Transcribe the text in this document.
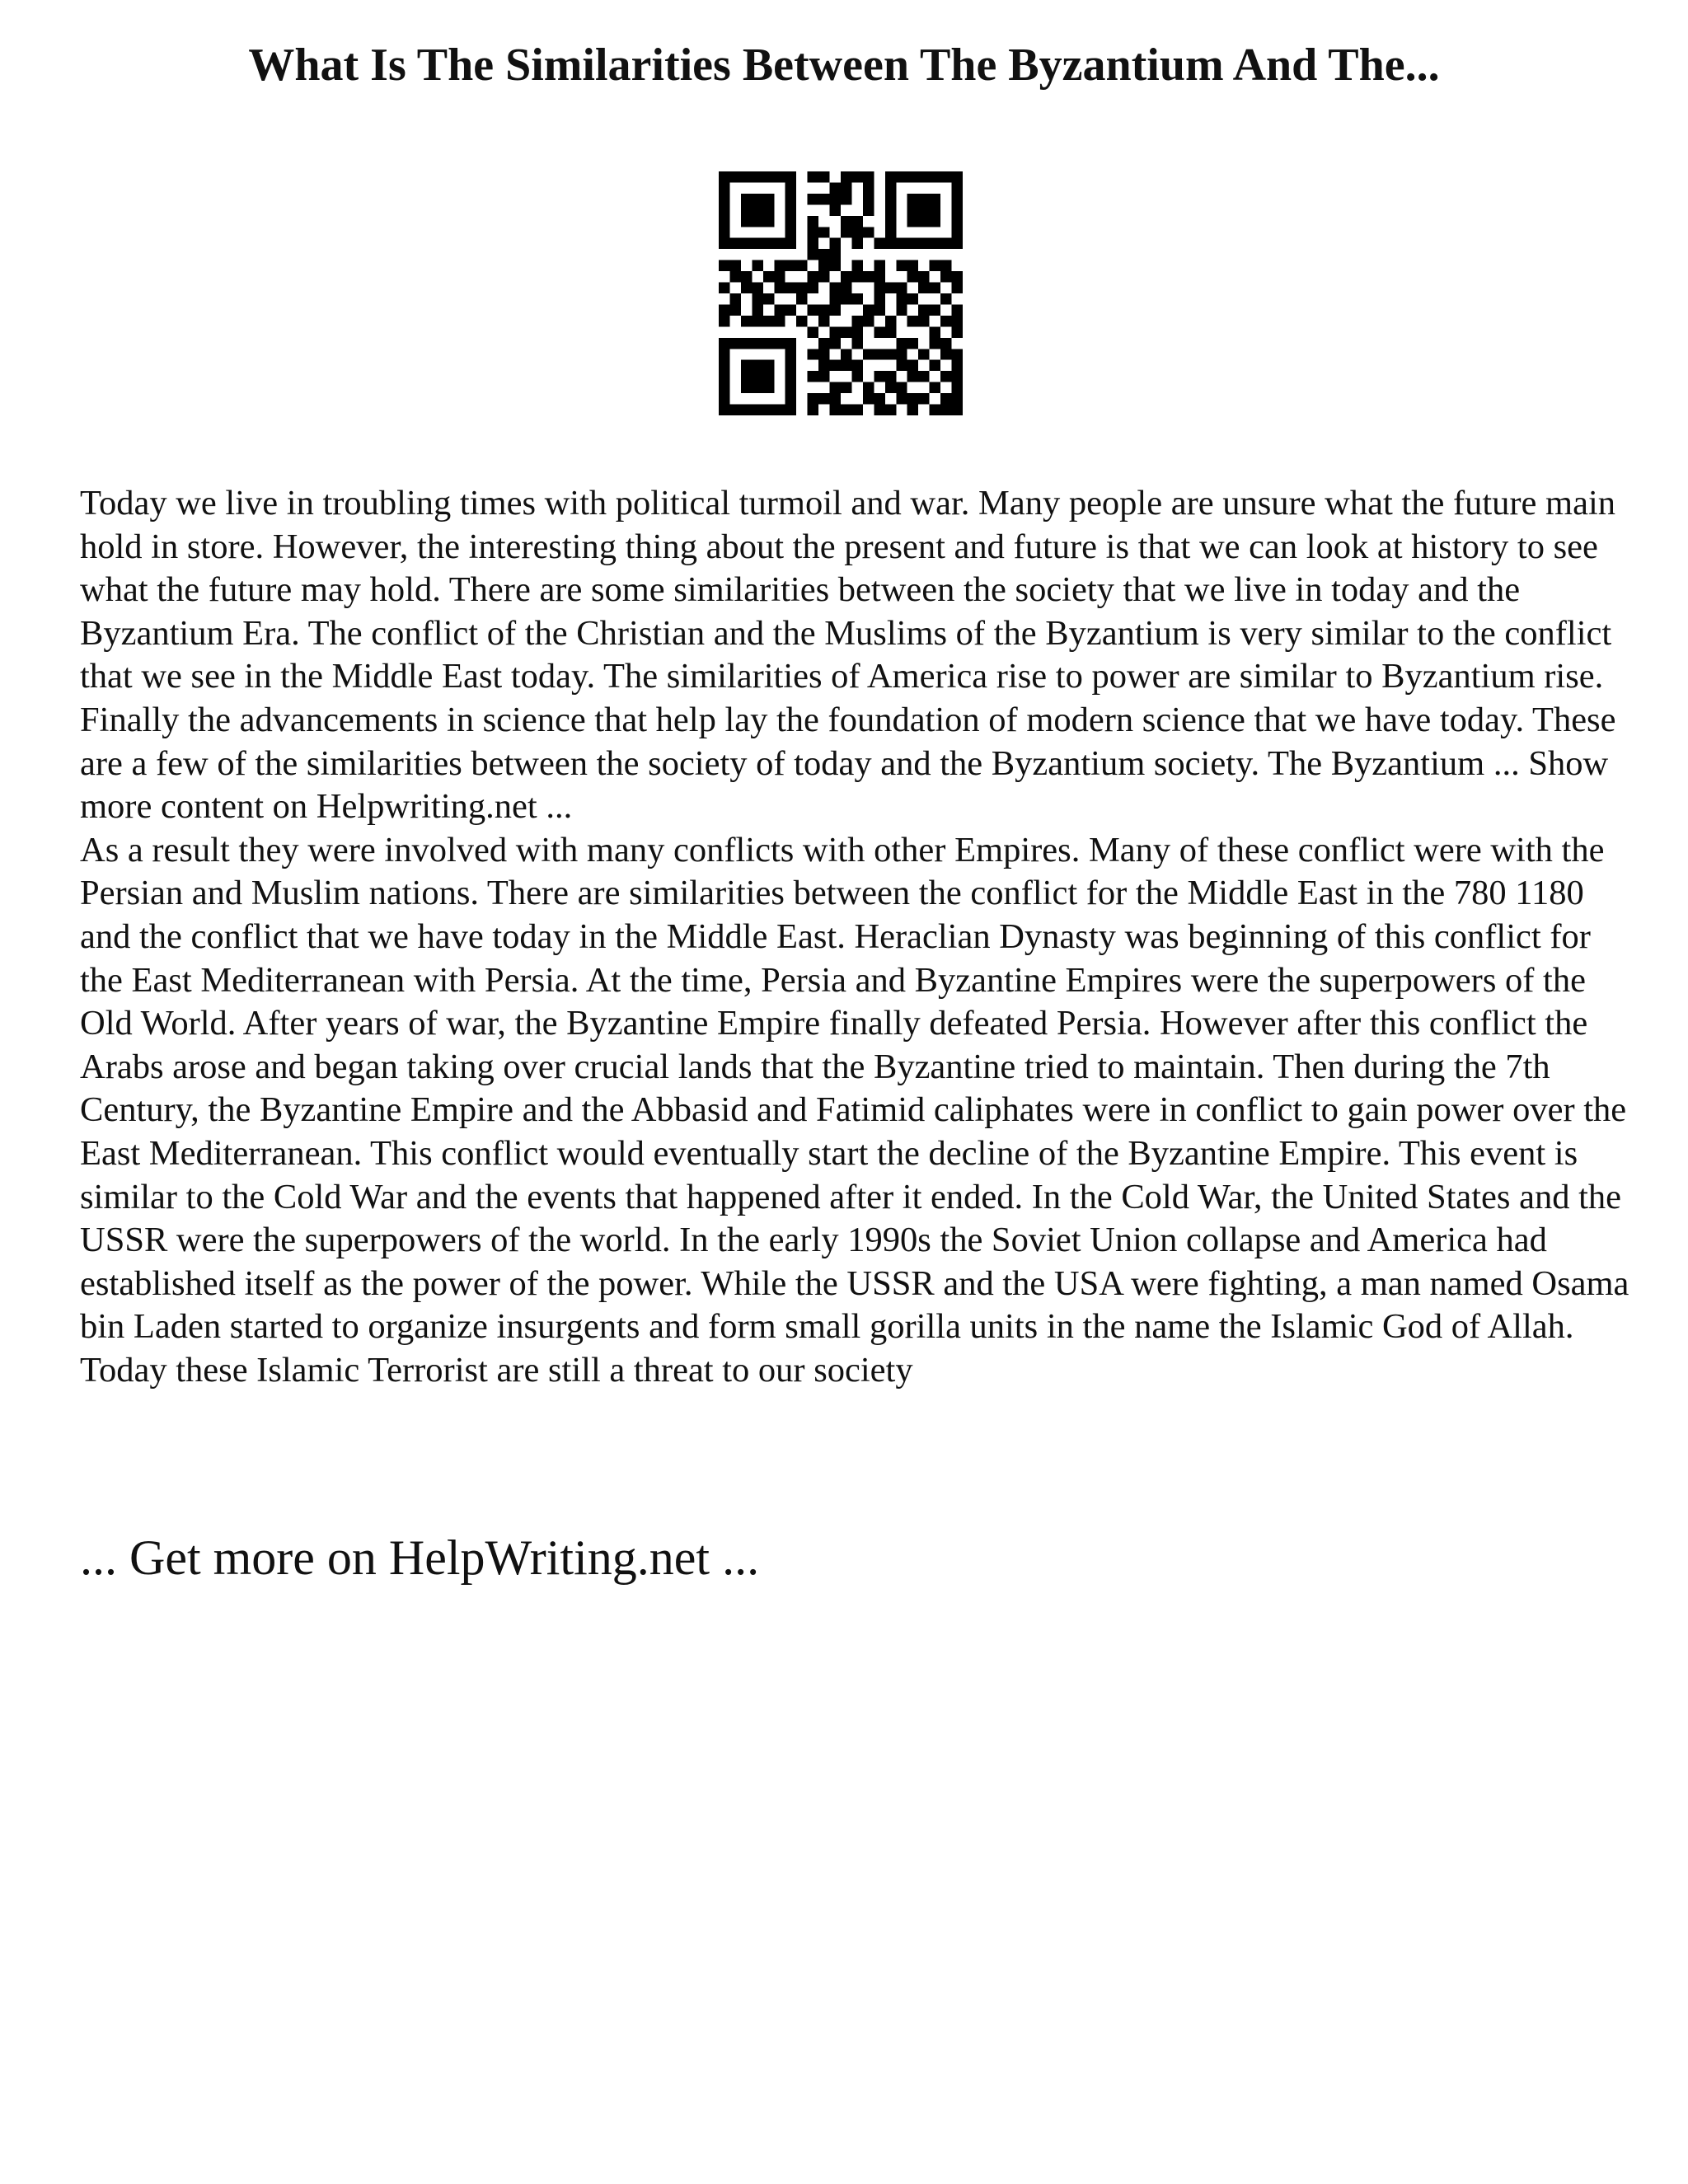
What Is The Similarities Between The Byzantium And The...

Today we live in troubling times with political turmoil and war. Many people are unsure what the future main hold in store. However, the interesting thing about the present and future is that we can look at history to see what the future may hold. There are some similarities between the society that we live in today and the Byzantium Era. The conflict of the Christian and the Muslims of the Byzantium is very similar to the conflict that we see in the Middle East today. The similarities of America rise to power are similar to Byzantium rise. Finally the advancements in science that help lay the foundation of modern science that we have today. These are a few of the similarities between the society of today and the Byzantium society. The Byzantium ... Show more content on Helpwriting.net ...

As a result they were involved with many conflicts with other Empires. Many of these conflict were with the Persian and Muslim nations. There are similarities between the conflict for the Middle East in the 780 1180 and the conflict that we have today in the Middle East. Heraclian Dynasty was beginning of this conflict for the East Mediterranean with Persia. At the time, Persia and Byzantine Empires were the superpowers of the Old World. After years of war, the Byzantine Empire finally defeated Persia. However after this conflict the Arabs arose and began taking over crucial lands that the Byzantine tried to maintain. Then during the 7th Century, the Byzantine Empire and the Abbasid and Fatimid caliphates were in conflict to gain power over the East Mediterranean. This conflict would eventually start the decline of the Byzantine Empire. This event is similar to the Cold War and the events that happened after it ended. In the Cold War, the United States and the USSR were the superpowers of the world. In the early 1990s the Soviet Union collapse and America had established itself as the power of the power. While the USSR and the USA were fighting, a man named Osama bin Laden started to organize insurgents and form small gorilla units in the name the Islamic God of Allah. Today these Islamic Terrorist are still a threat to our society

... Get more on HelpWriting.net ...
